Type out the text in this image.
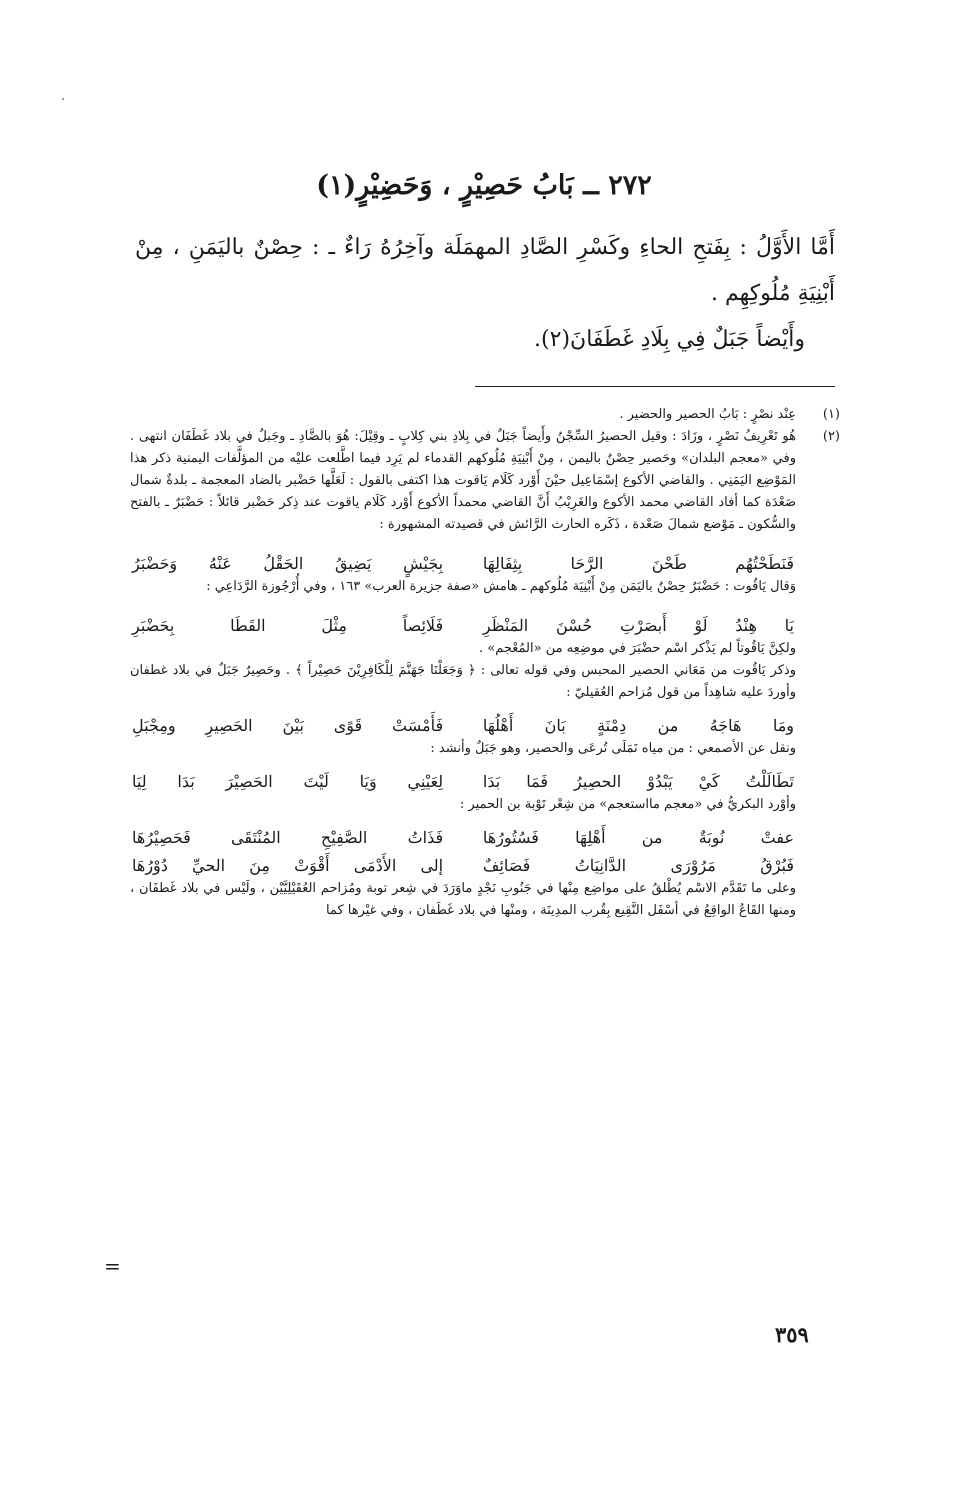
٢٧٢ ــ بَابُ حَصِيْرٍ ، وَحَضِيْرٍ(١)

أَمَّا الأَوَّلُ : بِفَتحِ الحاءِ وكَسْرِ الصَّادِ المهمَلَة وآخِرُهُ رَاءٌ ـ : حِصْنٌ باليَمَنِ ، مِنْ أَبْنِيَةِ مُلُوكِهِم .

وأَيْضاً جَبَلٌ فِي بِلَادِ غَطَفَانَ(٢).

(١)

عِنْد نصْرٍ : بَابُ الحصير والحضير .

(٢)

هُو تَعْرِيفُ نَصْرٍ ، وزَادَ : وقيل الحصيرُ السِّجْنُ وأَيضاً جَبَلٌ في بِلادِ بني كِلابٍ ـ وقِيْلَ: هُوَ بالضَّادِ ـ وجَبلٌ في بلاد غَطَفَان انتهى . وفي «معجم البلدان» وحَصير حِصْنٌ باليمن ، مِنْ أَبْنِيَةِ مُلُوكهم القدماء لم يَرِد فيما اطَّلعت عليْه من المؤلَّفات اليمنية ذكر هذا المَوْضِع اليَمَنِي . والقاضي الأكوع إسْمَاعِيل حيْنَ أَوْرد كَلَام يَاقوت هذا اكتفى بالقول : لَعَلَّها حَضْبر بالضاد المعجمة ـ بلدةٌ شمال صَعْدَة كما أفاد القاضي محمد الأكوع والغَرِيْبُ أَنَّ القاضي محمداً الأكوع أَوْرد كَلَام ياقوت عند ذِكر حَضْبر قائلاً : حَضْبَرٌ ـ بالفتح والسُّكون ـ مَوْضع شمالَ صَعْدة ، ذَكَره الحارث الرَّائش في قصيدته المشهورة :

فَنَطَحْتُهُم طَحْنَ الرَّحَا بِثِفَالِهَا
بِجَيْشٍ يَضِيقُ الحَقْلُ عَنْهُ وَحَضْبَرُ

وَقال يَاقُوت : حَضْبَرٌ حِصْنٌ باليَمَن مِنْ أَبْنِيَة مُلُوكهم ـ هامش «صفة جزيرة العرب» ١٦٣ ، وفي أُرْجُوزة الرَّدَاعِي :

يَا هِنْدُ لَوْ أَبصَرْتِ حُسْنَ المَنْظَرِ
فَلَائِصاً مِثْلَ القَطَا بِحَضْبَرِ

ولكِنَّ يَاقُوتاً لم يَذْكر اسْم حضْبَرَ في موضِعِه من «المُعْجم» .

وذكر يَاقُوت من مَعَاني الحصير المحبس وفي قوله تعالى : ﴿ وَجَعَلْنَا جَهَنَّمَ لِلْكَافِرِيْنَ حَصِيْراً ﴾ . وحَصِيرٌ جَبَلٌ في بلاد غطفان وأوردَ عليه شاهِداً من قول مُزاحم العُقيليّ :

ومَا هَاجَهُ من دِمْنَةٍ بَانَ أَهْلُهَا
فَأَمْسَتْ قَوًى بَيْنَ الحَصِيرِ ومِجْبَلِ

ونقل عن الأصمعي : من مياه نَمَلَى تُرعَى والحصير، وهو جَبَلٌ وأنشد :

تَطَالَلْتُ كَيْ يَبْدُوْ الحصِيرُ فَمَا بَدَا
لِعَيْنِي وَيَا لَيْتَ الحَصِيْرَ بَدَا لِيَا

وأوْرد البكريُّ في «معجم مااستعجم» من شِعْر تَوْبة بن الحمير :

عفتْ نُوبَةٌ من أَهْلِهَا فَسُتُورُهَا
فَذَاتُ الصَّفِيْحِ المُنْتَقَى فَحَصِيْرُهَا
فَبُرْقُ مَرُوْرَى الدَّانِيَاتُ فَصَائِفٌ
إلى الأَدْمَى أَقْوَتْ مِنَ الحيِّ دُوْرُهَا

وعلى ما تَقَدَّم الاسْم يُطْلقُ على مواضِع مِنْها في جَنُوبِ نَجْدٍ ماوَرَدَ في شِعر توبة ومُزاحم العُقَيْلِيَّيْن ، ولَيْس في بلاد غَطفَان ، ومنها القَاعُ الواقِعُ في أسْفَل النَّقِيع بِقُرب المدِينَة ، ومنْها في بلاد غَطَفان ، وفي غيْرها كما

=
٣٥٩
